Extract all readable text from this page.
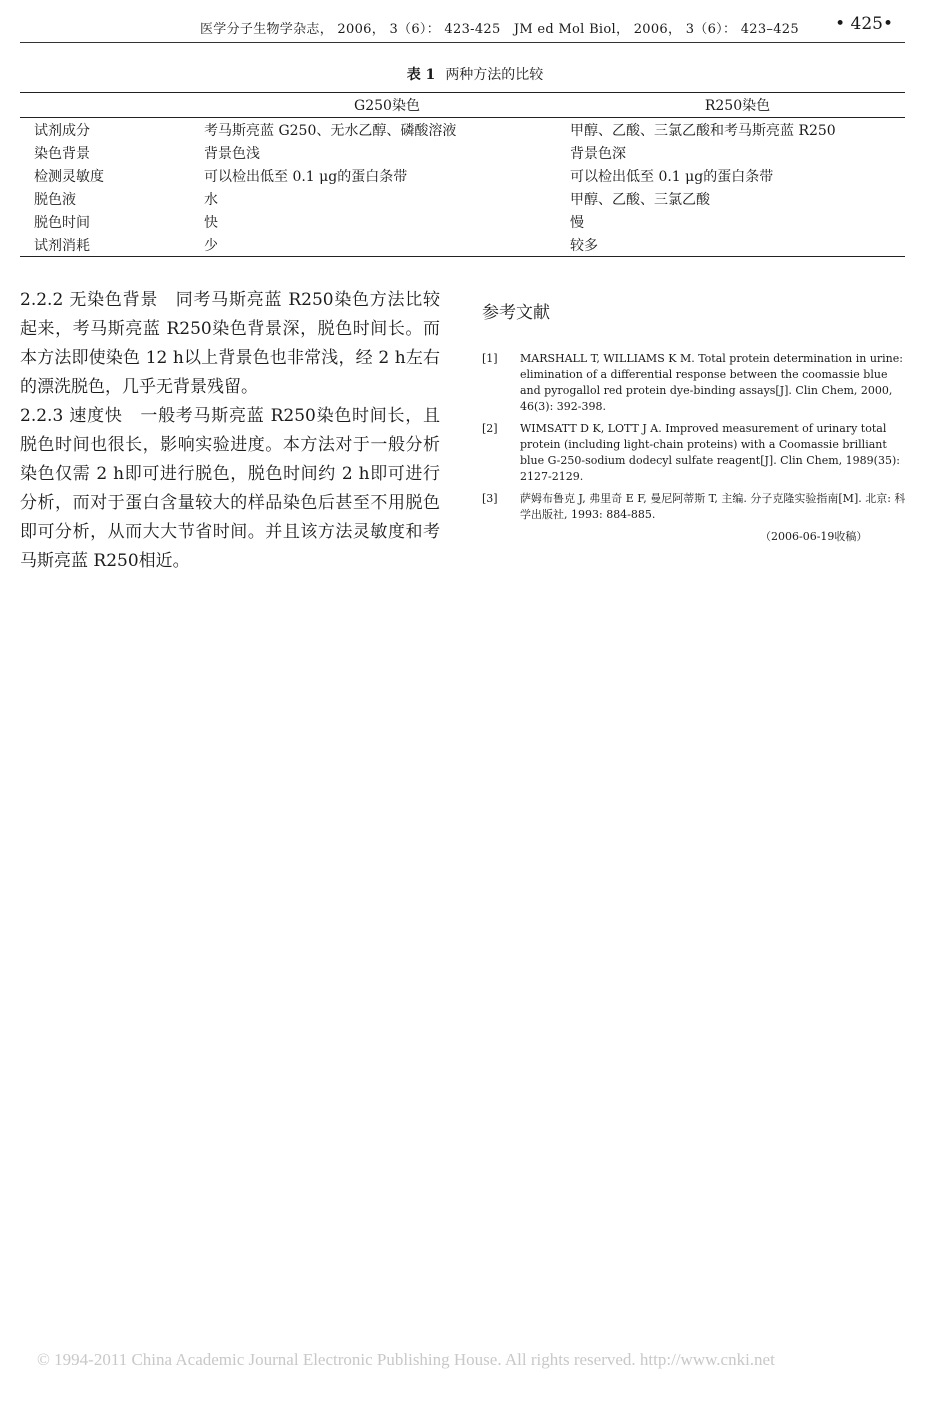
医学分子生物学杂志， 2006， 3（6）： 423-425　JM ed Mol Biol， 2006， 3（6）： 423–425 • 425•
表 1 两种方法的比较
	G250染色	R250染色
试剂成分	考马斯亮蓝 G250、无水乙醇、磷酸溶液	甲醇、乙酸、三氯乙酸和考马斯亮蓝 R250
染色背景	背景色浅	背景色深
检测灵敏度	可以检出低至 0.1 μg的蛋白条带	可以检出低至 0.1 μg的蛋白条带
脱色液	水	甲醇、乙酸、三氯乙酸
脱色时间	快	慢
试剂消耗	少	较多

2.2.2 无染色背景　同考马斯亮蓝 R250染色方法比较起来，考马斯亮蓝 R250染色背景深，脱色时间长。而本方法即使染色 12 h以上背景色也非常浅，经 2 h左右的漂洗脱色，几乎无背景残留。

2.2.3 速度快　一般考马斯亮蓝 R250染色时间长，且脱色时间也很长，影响实验进度。本方法对于一般分析染色仅需 2 h即可进行脱色，脱色时间约 2 h即可进行分析，而对于蛋白含量较大的样品染色后甚至不用脱色即可分析，从而大大节省时间。并且该方法灵敏度和考马斯亮蓝 R250相近。

参考文献
[1]	MARSHALL T, WILLIAMS K M. Total protein determination in urine: elimination of a differential response between the coomassie blue and pyrogallol red protein dye-binding assays[J]. Clin Chem, 2000, 46(3): 392-398.
[2]	WIMSATT D K, LOTT J A. Improved measurement of urinary total protein (including light-chain proteins) with a Coomassie brilliant blue G-250-sodium dodecyl sulfate reagent[J]. Clin Chem, 1989(35): 2127-2129.
[3]	萨姆布鲁克 J, 弗里奇 E F, 曼尼阿蒂斯 T, 主编. 分子克隆实验指南[M]. 北京: 科学出版社, 1993: 884-885.
（2006-06-19收稿）
© 1994-2011 China Academic Journal Electronic Publishing House. All rights reserved. http://www.cnki.net
